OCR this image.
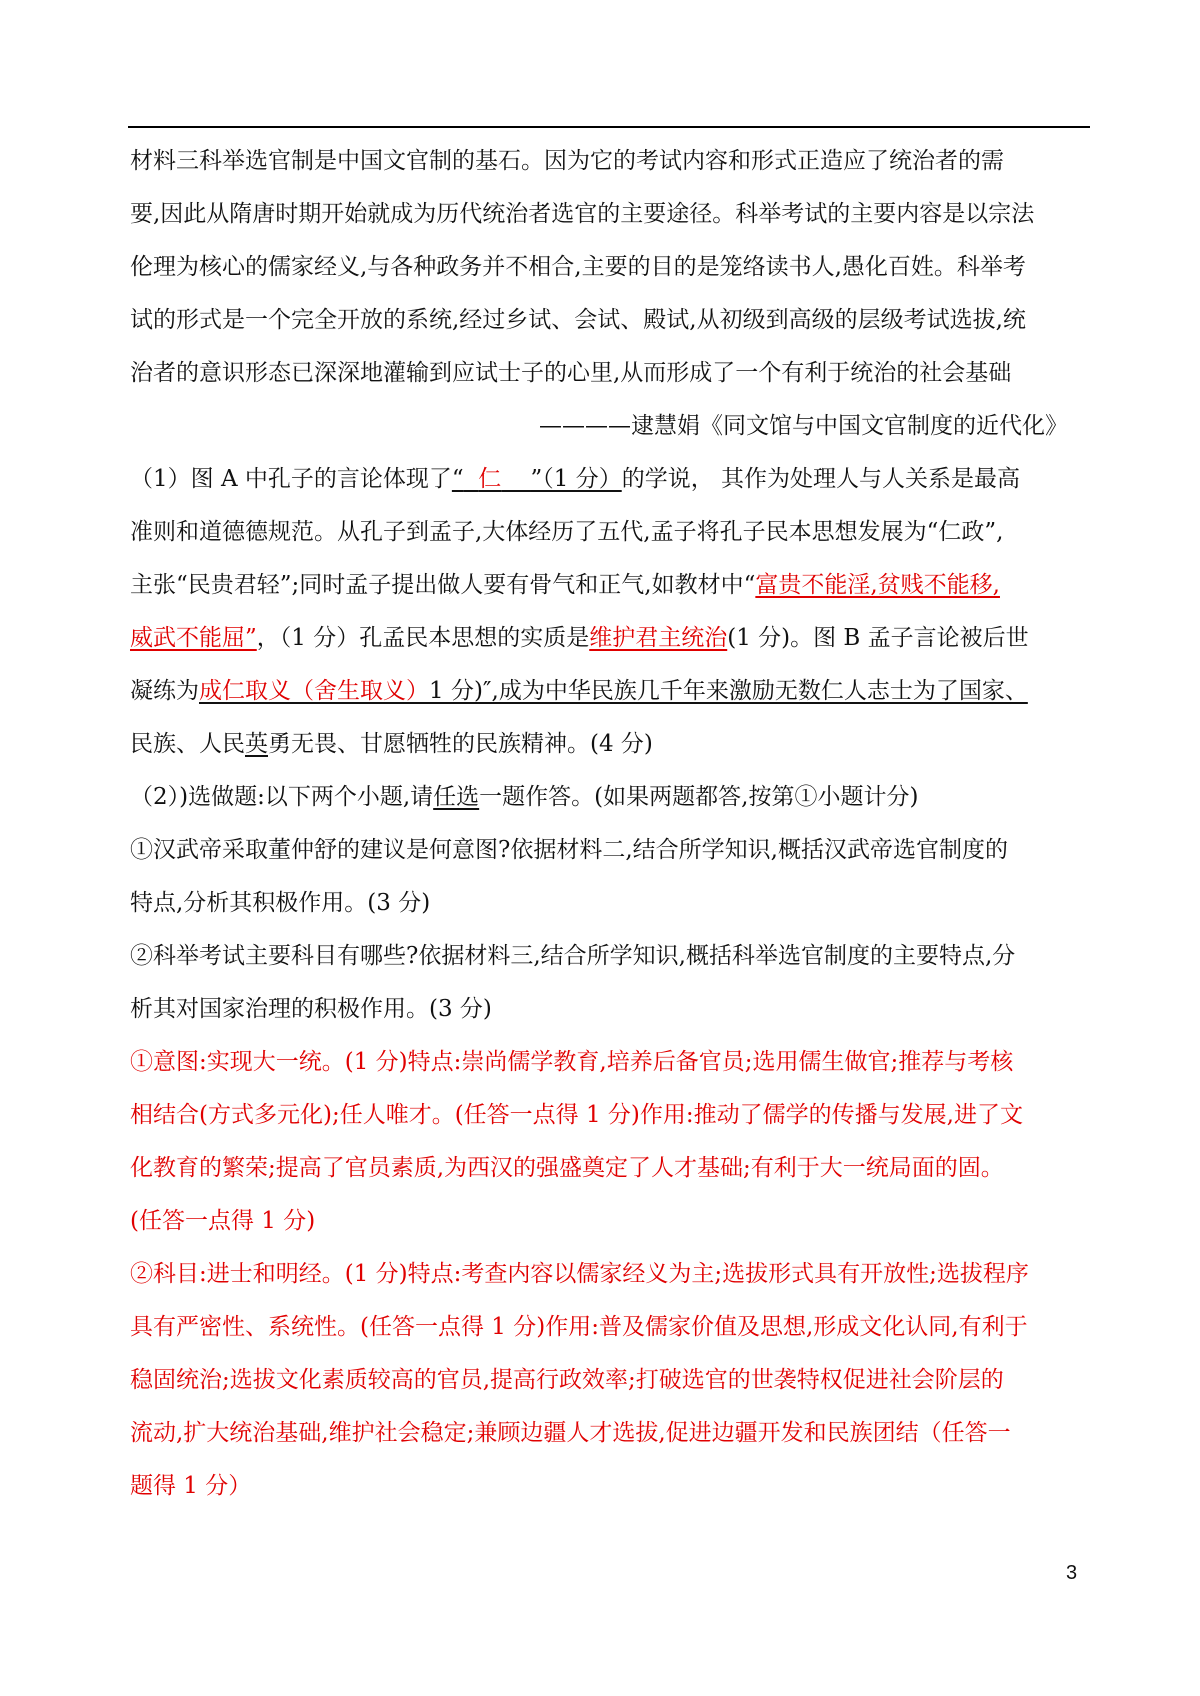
材料三科举选官制是中国文官制的基石。因为它的考试内容和形式正造应了统治者的需
要,因此从隋唐时期开始就成为历代统治者选官的主要途径。科举考试的主要内容是以宗法
伦理为核心的儒家经义,与各种政务并不相合,主要的目的是笼络读书人,愚化百姓。科举考
试的形式是一个完全开放的系统,经过乡试、会试、殿试,从初级到高级的层级考试选拔,统
治者的意识形态已深深地灌输到应试士子的心里,从而形成了一个有利于统治的社会基础
————逮慧娟《同文馆与中国文官制度的近代化》
（1）图 A 中孔子的言论体现了“ 仁 ”（1 分）的学说， 其作为处理人与人关系是最高
准则和道德德规范。从孔子到孟子,大体经历了五代,孟子将孔子民本思想发展为“仁政”,
主张“民贵君轻”;同时孟子提出做人要有骨气和正气,如教材中“富贵不能淫,贫贱不能移,
威武不能屈”，（1 分）孔孟民本思想的实质是维护君主统治(1 分)。图 B 孟子言论被后世
凝练为成仁取义（舍生取义）1 分)″,成为中华民族几千年来激励无数仁人志士为了国家、
民族、人民英勇无畏、甘愿牺牲的民族精神。(4 分)
（2）)选做题:以下两个小题,请任选一题作答。(如果两题都答,按第①小题计分)
①汉武帝采取董仲舒的建议是何意图?依据材料二,结合所学知识,概括汉武帝选官制度的
特点,分析其积极作用。(3 分)
②科举考试主要科目有哪些?依据材料三,结合所学知识,概括科举选官制度的主要特点,分
析其对国家治理的积极作用。(3 分)
①意图:实现大一统。(1 分)特点:崇尚儒学教育,培养后备官员;选用儒生做官;推荐与考核
相结合(方式多元化);任人唯才。(任答一点得 1 分)作用:推动了儒学的传播与发展,进了文
化教育的繁荣;提高了官员素质,为西汉的强盛奠定了人才基础;有利于大一统局面的固。
(任答一点得 1 分)
②科目:进士和明经。(1 分)特点:考查内容以儒家经义为主;选拔形式具有开放性;选拔程序
具有严密性、系统性。(任答一点得 1 分)作用:普及儒家价值及思想,形成文化认同,有利于
稳固统治;选拔文化素质较高的官员,提高行政效率;打破选官的世袭特权促进社会阶层的
流动,扩大统治基础,维护社会稳定;兼顾边疆人才选拔,促进边疆开发和民族团结（任答一
题得 1 分）
3
